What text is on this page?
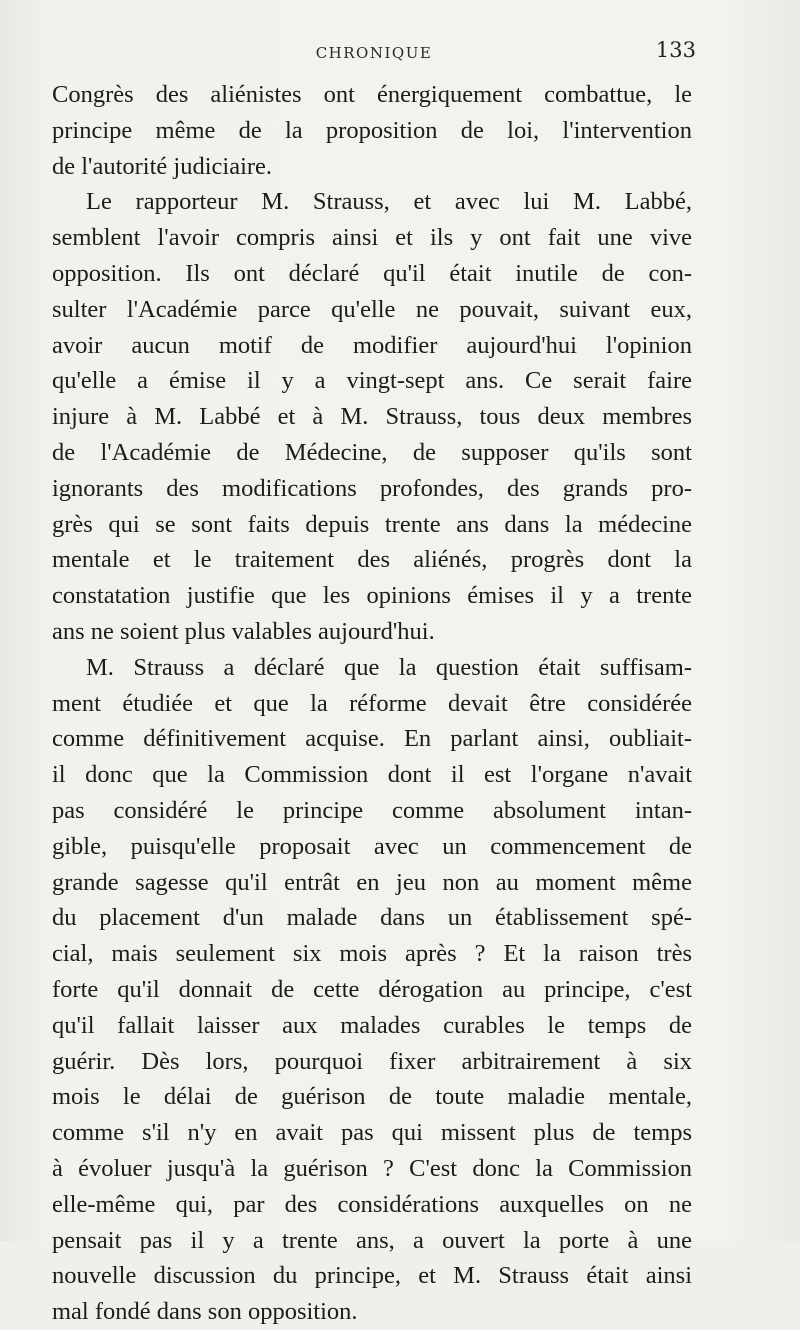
CHRONIQUE	133
Congrès des aliénistes ont énergiquement combattue, le
principe même de la proposition de loi, l'intervention
de l'autorité judiciaire.
Le rapporteur M. Strauss, et avec lui M. Labbé,
semblent l'avoir compris ainsi et ils y ont fait une vive
opposition. Ils ont déclaré qu'il était inutile de con-
sulter l'Académie parce qu'elle ne pouvait, suivant eux,
avoir aucun motif de modifier aujourd'hui l'opinion
qu'elle a émise il y a vingt-sept ans. Ce serait faire
injure à M. Labbé et à M. Strauss, tous deux membres
de l'Académie de Médecine, de supposer qu'ils sont
ignorants des modifications profondes, des grands pro-
grès qui se sont faits depuis trente ans dans la médecine
mentale et le traitement des aliénés, progrès dont la
constatation justifie que les opinions émises il y a trente
ans ne soient plus valables aujourd'hui.
M. Strauss a déclaré que la question était suffisam-
ment étudiée et que la réforme devait être considérée
comme définitivement acquise. En parlant ainsi, oubliait-
il donc que la Commission dont il est l'organe n'avait
pas considéré le principe comme absolument intan-
gible, puisqu'elle proposait avec un commencement de
grande sagesse qu'il entrât en jeu non au moment même
du placement d'un malade dans un établissement spé-
cial, mais seulement six mois après ? Et la raison très
forte qu'il donnait de cette dérogation au principe, c'est
qu'il fallait laisser aux malades curables le temps de
guérir. Dès lors, pourquoi fixer arbitrairement à six
mois le délai de guérison de toute maladie mentale,
comme s'il n'y en avait pas qui missent plus de temps
à évoluer jusqu'à la guérison ? C'est donc la Commission
elle-même qui, par des considérations auxquelles on ne
pensait pas il y a trente ans, a ouvert la porte à une
nouvelle discussion du principe, et M. Strauss était ainsi
mal fondé dans son opposition.
